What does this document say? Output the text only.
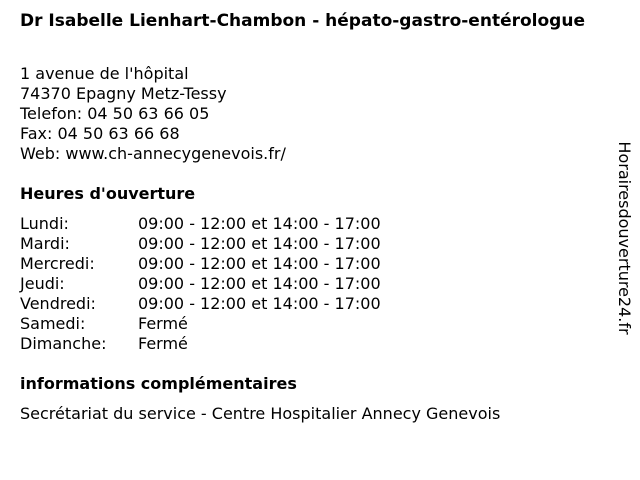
Dr Isabelle Lienhart-Chambon - hépato-gastro-entérologue
1 avenue de l'hôpital
74370 Epagny Metz-Tessy
Telefon: 04 50 63 66 05
Fax: 04 50 63 66 68
Web: www.ch-annecygenevois.fr/
Heures d'ouverture
Lundi:	09:00 - 12:00 et 14:00 - 17:00
Mardi:	09:00 - 12:00 et 14:00 - 17:00
Mercredi:	09:00 - 12:00 et 14:00 - 17:00
Jeudi:	09:00 - 12:00 et 14:00 - 17:00
Vendredi:	09:00 - 12:00 et 14:00 - 17:00
Samedi:	Fermé
Dimanche:	Fermé
informations complémentaires
Secrétariat du service - Centre Hospitalier Annecy Genevois
Horairesdouverture24.fr
